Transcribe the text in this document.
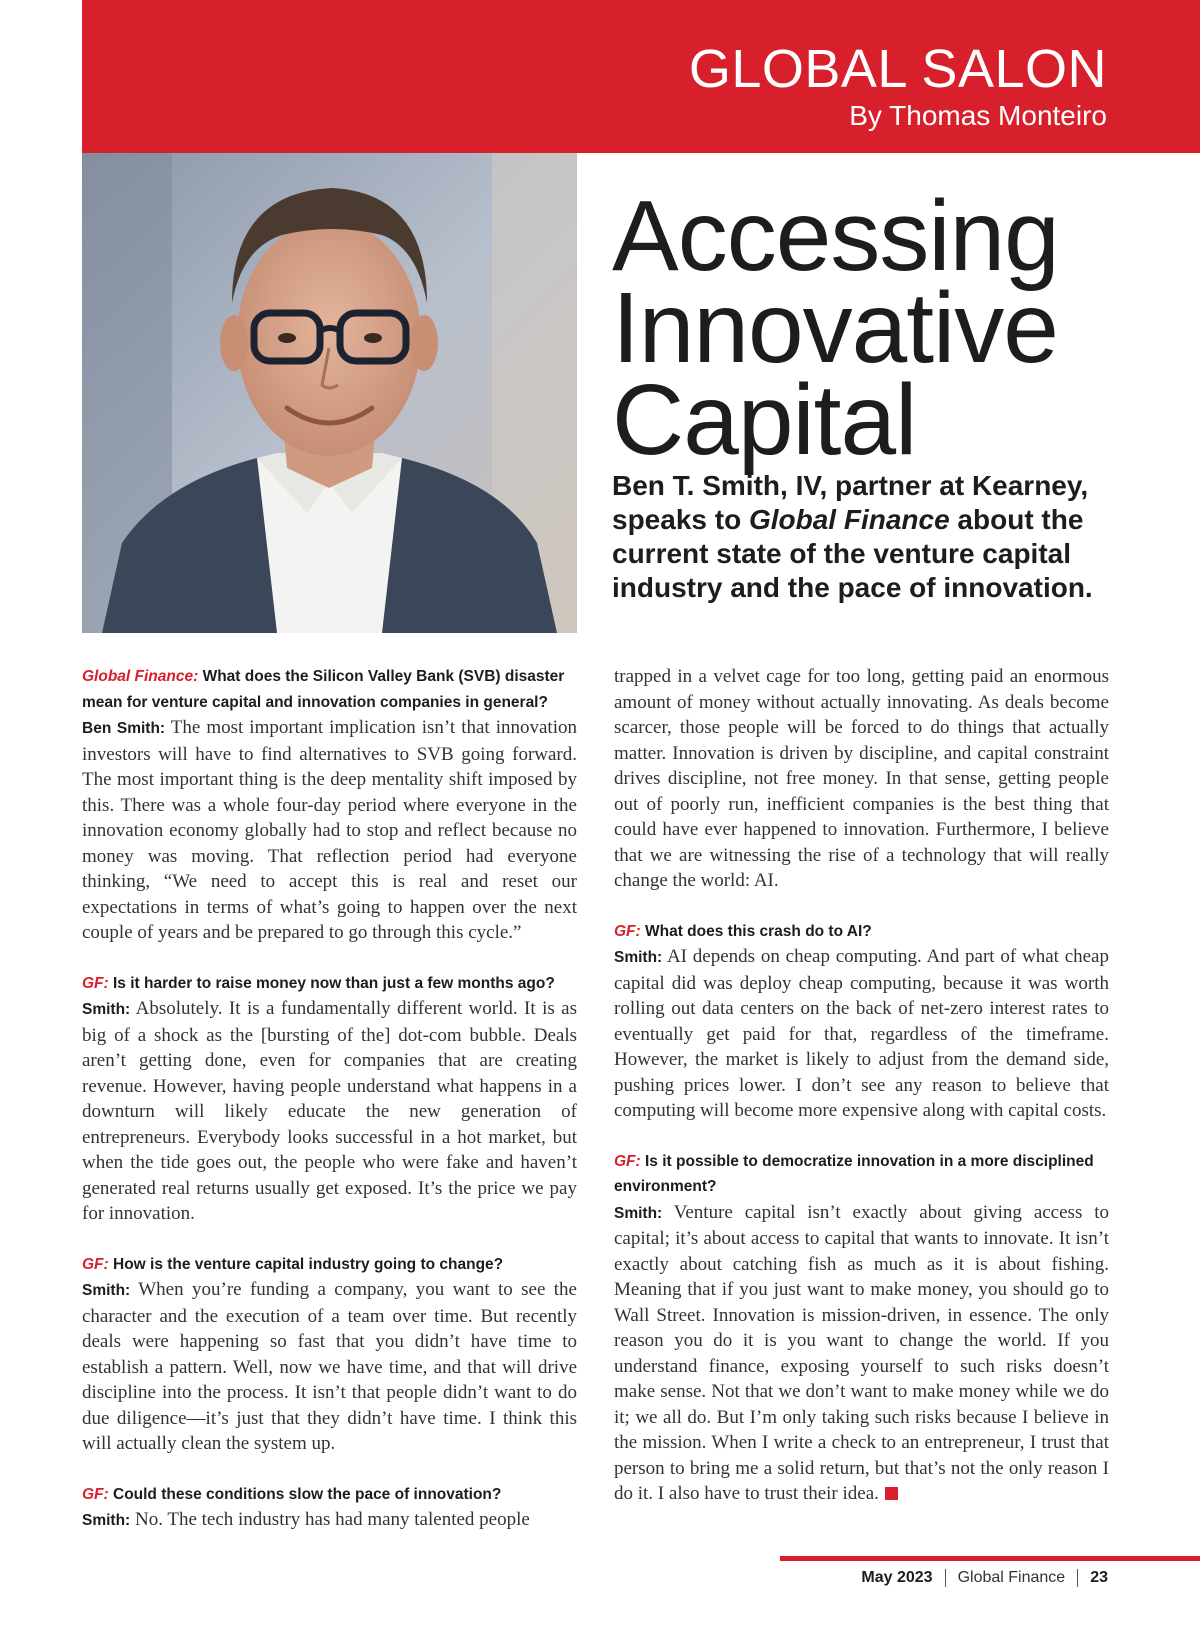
GLOBAL SALON
By Thomas Monteiro
Accessing
Innovative
Capital

Ben T. Smith, IV, partner at Kearney, speaks to Global Finance about the current state of the venture capital industry and the pace of innovation.

Global Finance: What does the Silicon Valley Bank (SVB) disaster mean for venture capital and innovation companies in general?

Ben Smith: The most important implication isn’t that innovation investors will have to find alternatives to SVB going forward. The most important thing is the deep mentality shift imposed by this. There was a whole four-day period where everyone in the innovation economy globally had to stop and reflect because no money was moving. That reflection period had everyone thinking, “We need to accept this is real and reset our expectations in terms of what’s going to happen over the next couple of years and be prepared to go through this cycle.”

GF: Is it harder to raise money now than just a few months ago?

Smith: Absolutely. It is a fundamentally different world. It is as big of a shock as the [bursting of the] dot-com bubble. Deals aren’t getting done, even for companies that are creating revenue. However, having people understand what happens in a downturn will likely educate the new generation of entrepreneurs. Everybody looks successful in a hot market, but when the tide goes out, the people who were fake and haven’t generated real returns usually get exposed. It’s the price we pay for innovation.

GF: How is the venture capital industry going to change?

Smith: When you’re funding a company, you want to see the character and the execution of a team over time. But recently deals were happening so fast that you didn’t have time to establish a pattern. Well, now we have time, and that will drive discipline into the process. It isn’t that people didn’t want to do due diligence—it’s just that they didn’t have time. I think this will actually clean the system up.

GF: Could these conditions slow the pace of innovation?

Smith: No. The tech industry has had many talented people

trapped in a velvet cage for too long, getting paid an enormous amount of money without actually innovating. As deals become scarcer, those people will be forced to do things that actually matter. Innovation is driven by discipline, and capital constraint drives discipline, not free money. In that sense, getting people out of poorly run, inefficient companies is the best thing that could have ever happened to innovation. Furthermore, I believe that we are witnessing the rise of a technology that will really change the world: AI.

GF: What does this crash do to AI?

Smith: AI depends on cheap computing. And part of what cheap capital did was deploy cheap computing, because it was worth rolling out data centers on the back of net-zero interest rates to eventually get paid for that, regardless of the timeframe. However, the market is likely to adjust from the demand side, pushing prices lower. I don’t see any reason to believe that computing will become more expensive along with capital costs.

GF: Is it possible to democratize innovation in a more disciplined environment?

Smith: Venture capital isn’t exactly about giving access to capital; it’s about access to capital that wants to innovate. It isn’t exactly about catching fish as much as it is about fishing. Meaning that if you just want to make money, you should go to Wall Street. Innovation is mission-driven, in essence. The only reason you do it is you want to change the world. If you understand finance, exposing yourself to such risks doesn’t make sense. Not that we don’t want to make money while we do it; we all do. But I’m only taking such risks because I believe in the mission. When I write a check to an entrepreneur, I trust that person to bring me a solid return, but that’s not the only reason I do it. I also have to trust their idea.

May 2023 Global Finance 23
